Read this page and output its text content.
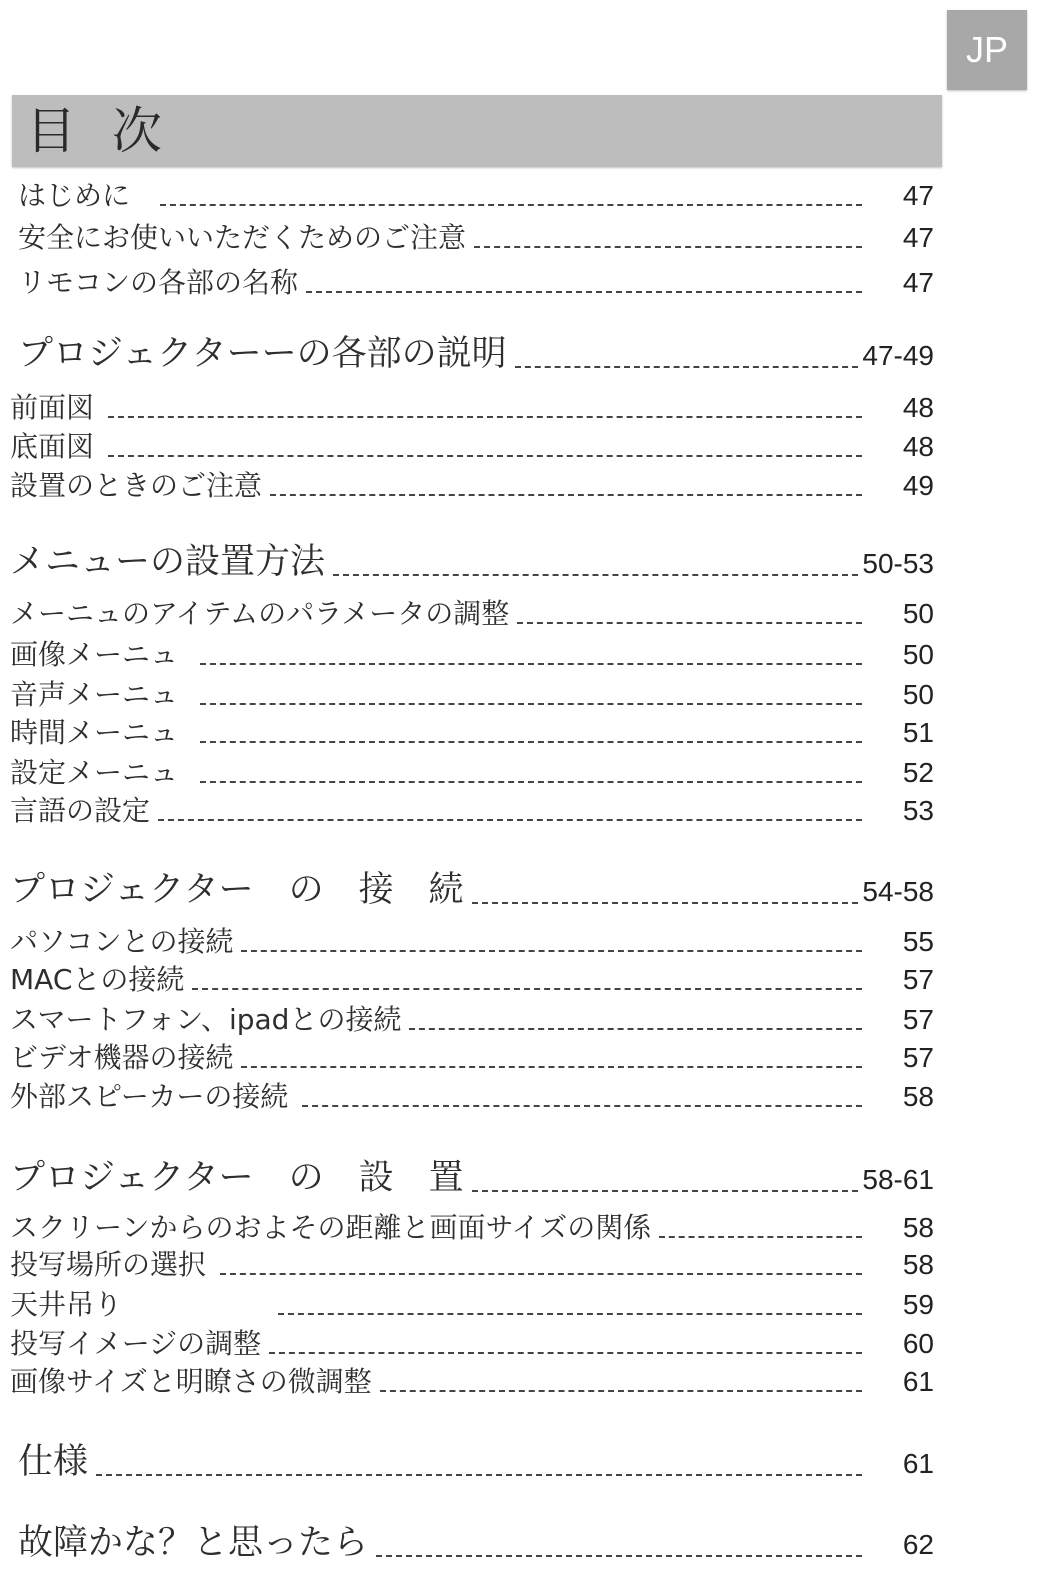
JP
目 次
はじめに	47
安全にお使いいただくためのご注意	47
リモコンの各部の名称	47
プロジェクターーの各部の説明	47-49
前面図	48
底面図	48
設置のときのご注意	49
メニューの設置方法	50-53
メーニュのアイテムのパラメータの調整	50
画像メーニュ	50
音声メーニュ	50
時間メーニュ	51
設定メーニュ	52
言語の設定	53
プロジェクター　の　接　続	54-58
パソコンとの接続	55
MACとの接続	57
スマートフォン、ipadとの接続	57
ビデオ機器の接続	57
外部スピーカーの接続	58
プロジェクター　の　設　置	58-61
スクリーンからのおよその距離と画面サイズの関係	58
投写場所の選択	58
天井吊り	59
投写イメージの調整	60
画像サイズと明瞭さの微調整	61
仕様	61
故障かな？と思ったら	62
